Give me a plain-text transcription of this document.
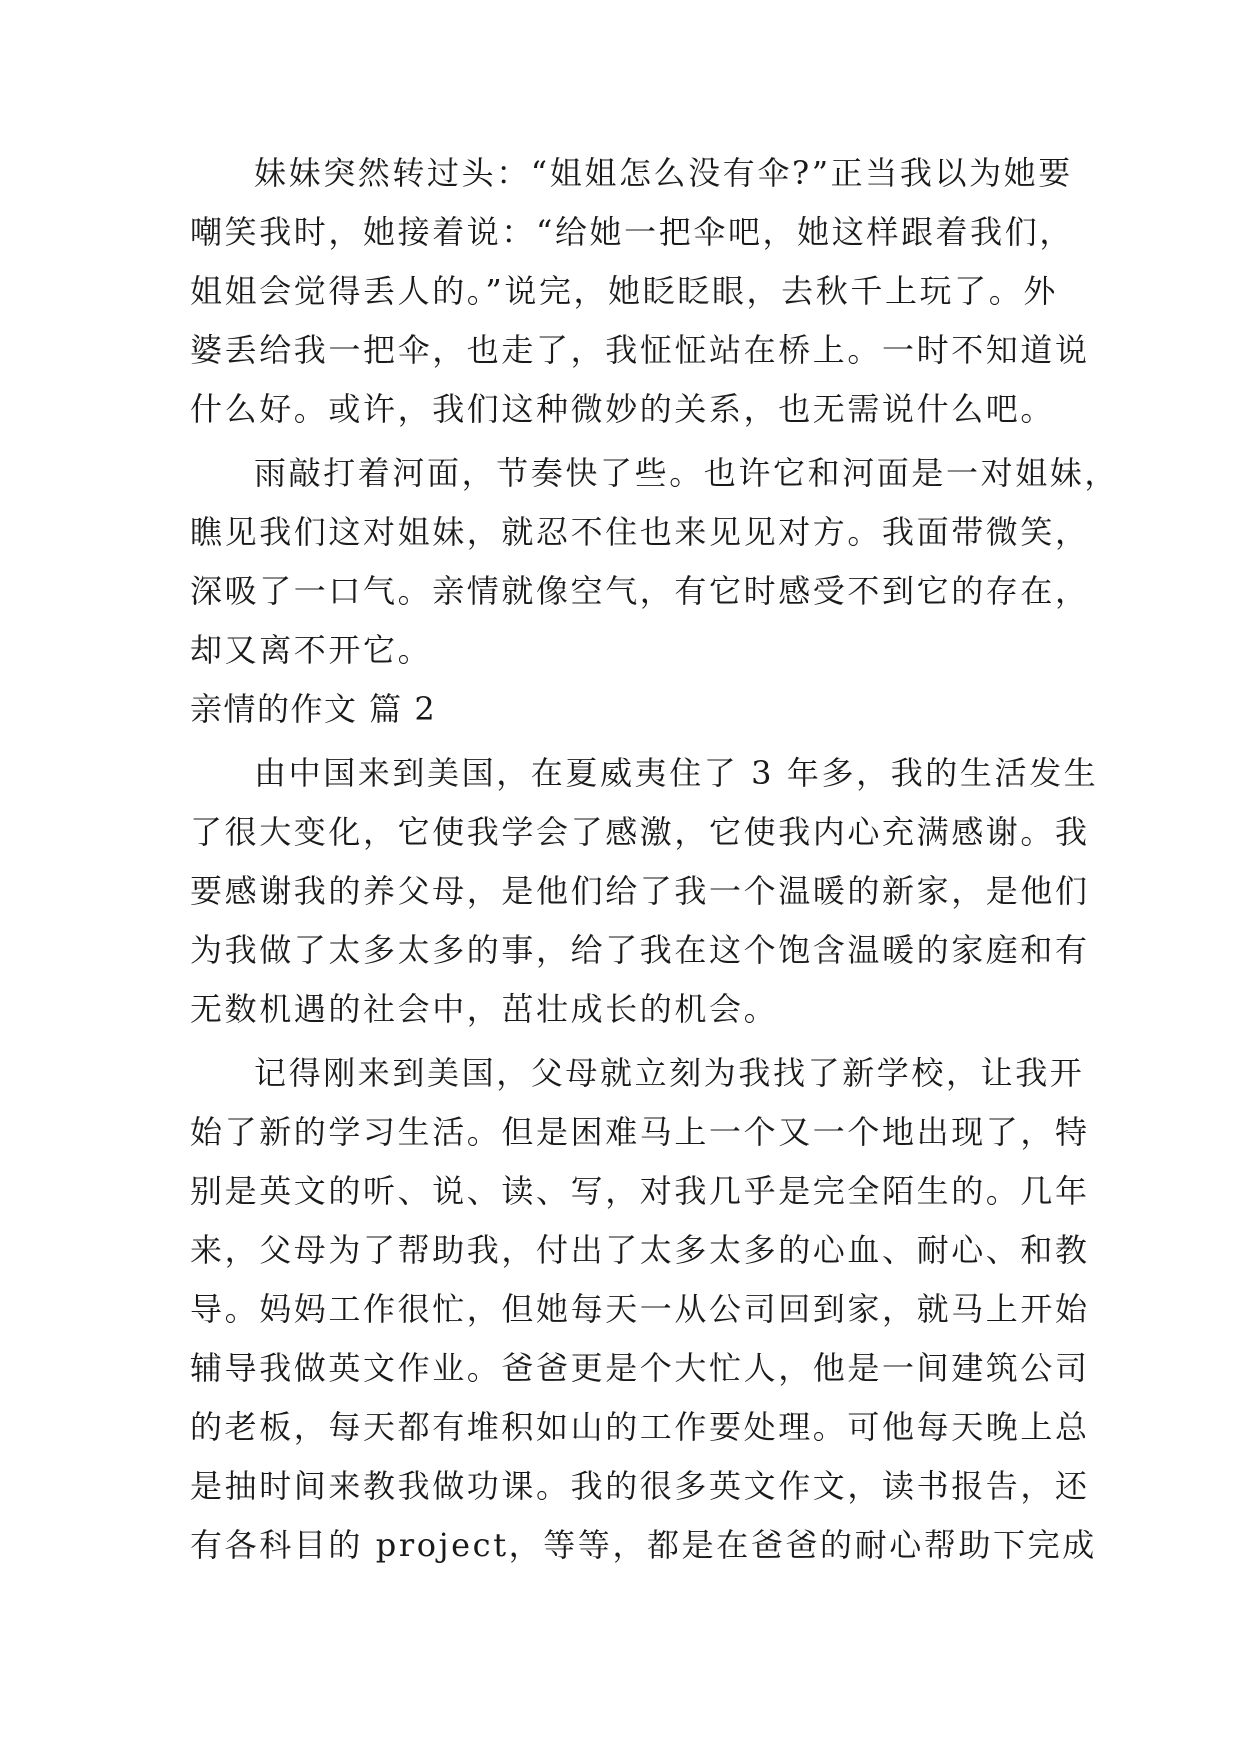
妹妹突然转过头：“姐姐怎么没有伞?”正当我以为她要
嘲笑我时，她接着说：“给她一把伞吧，她这样跟着我们，
姐姐会觉得丢人的。”说完，她眨眨眼，去秋千上玩了。外
婆丢给我一把伞，也走了，我怔怔站在桥上。一时不知道说
什么好。或许，我们这种微妙的关系，也无需说什么吧。
雨敲打着河面，节奏快了些。也许它和河面是一对姐妹，
瞧见我们这对姐妹，就忍不住也来见见对方。我面带微笑，
深吸了一口气。亲情就像空气，有它时感受不到它的存在，
却又离不开它。
亲情的作文 篇 2
由中国来到美国，在夏威夷住了 3 年多，我的生活发生
了很大变化，它使我学会了感激，它使我内心充满感谢。我
要感谢我的养父母，是他们给了我一个温暖的新家，是他们
为我做了太多太多的事，给了我在这个饱含温暖的家庭和有
无数机遇的社会中，茁壮成长的机会。
记得刚来到美国，父母就立刻为我找了新学校，让我开
始了新的学习生活。但是困难马上一个又一个地出现了，特
别是英文的听、说、读、写，对我几乎是完全陌生的。几年
来，父母为了帮助我，付出了太多太多的心血、耐心、和教
导。妈妈工作很忙，但她每天一从公司回到家，就马上开始
辅导我做英文作业。爸爸更是个大忙人，他是一间建筑公司
的老板，每天都有堆积如山的工作要处理。可他每天晚上总
是抽时间来教我做功课。我的很多英文作文，读书报告，还
有各科目的 project，等等，都是在爸爸的耐心帮助下完成
